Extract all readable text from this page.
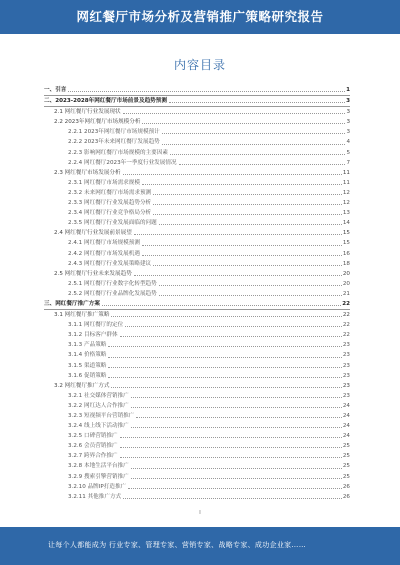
网红餐厅市场分析及营销推广策略研究报告
内容目录
一、引言	1
二、2023-2028年网红餐厅市场前景及趋势预测	3
2.1 网红餐厅行业发展现状	3
2.2 2023年网红餐厅市场规模分析	3
2.2.1 2023年网红餐厅市场规模预计	3
2.2.2 2023年未来网红餐厅发展趋势	4
2.2.3 影响网红餐厅市场规模的主要因素	5
2.2.4 网红餐厅2023年一季度行业发展情况	7
2.3 网红餐厅市场发展分析	11
2.3.1 网红餐厅市场需求规模	11
2.3.2 未来网红餐厅市场需求预测	12
2.3.3 网红餐厅行业发展趋势分析	12
2.3.4 网红餐厅行业竞争格局分析	13
2.3.5 网红餐厅行业发展面临的问题	14
2.4 网红餐厅行业发展前景展望	15
2.4.1 网红餐厅市场规模预测	15
2.4.2 网红餐厅市场发展机遇	16
2.4.3 网红餐厅行业发展策略建议	18
2.5 网红餐厅行业未来发展趋势	20
2.5.1 网红餐厅行业数字化转型趋势	20
2.5.2 网红餐厅行业品牌化发展趋势	21
三、网红餐厅推广方案	22
3.1 网红餐厅推广策略	22
3.1.1 网红餐厅的定位	22
3.1.2 目标客户群体	22
3.1.3 产品策略	23
3.1.4 价格策略	23
3.1.5 渠道策略	23
3.1.6 促销策略	23
3.2 网红餐厅推广方式	23
3.2.1 社交媒体营销推广	23
3.2.2 网红达人合作推广	24
3.2.3 短视频平台营销推广	24
3.2.4 线上线下活动推广	24
3.2.5 口碑营销推广	24
3.2.6 会员营销推广	25
3.2.7 跨界合作推广	25
3.2.8 本地生活平台推广	25
3.2.9 搜索引擎营销推广	25
3.2.10 品牌IP打造推广	26
3.2.11 其他推广方式	26
I
让每个人都能成为 行业专家、管理专家、营销专家、战略专家、成功企业家……
